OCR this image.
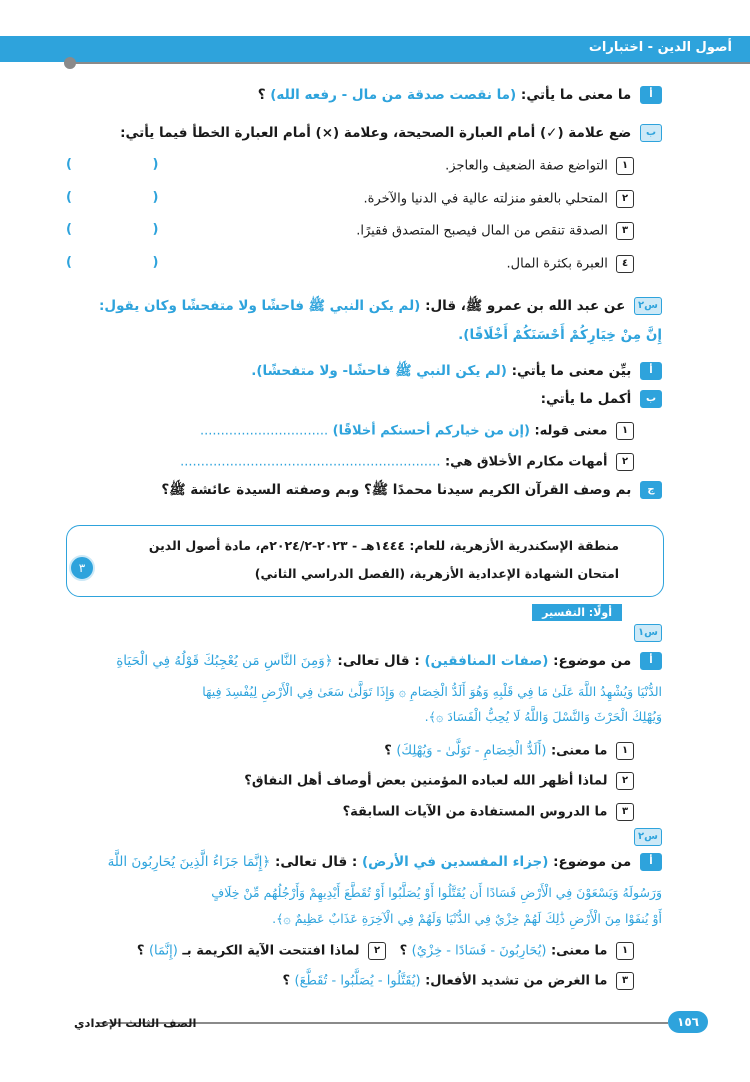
أصول الدين - اختبارات
أ ما معنى ما يأتي: (ما نقصت صدقة من مال - رفعه الله) ؟
ب ضع علامة (✓) أمام العبارة الصحيحة، وعلامة (×) أمام العبارة الخطأ فيما يأتي:
١ التواضع صفة الضعيف والعاجز.
( )
٢ المتحلي بالعفو منزلته عالية في الدنيا والآخرة.
( )
٣ الصدقة تنقص من المال فيصبح المتصدق فقيرًا.
( )
٤ العبرة بكثرة المال.
( )
س٢ عن عبد الله بن عمرو ﷺ، قال: (لم يكن النبي ﷺ فاحشًا ولا متفحشًا وكان يقول:
إِنَّ مِنْ خِيَارِكُمْ أَحْسَنَكُمْ أَخْلَاقًا).
أ بيِّن معنى ما يأتي: (لم يكن النبي ﷺ فاحشًا- ولا متفحشًا).
ب أكمل ما يأتي:
١ معنى قوله: (إن من خياركم أحسنكم أخلاقًا) ...............................
٢ أمهات مكارم الأخلاق هي: ...............................................................
ج بم وصف القرآن الكريم سيدنا محمدًا ﷺ؟ وبم وصفته السيدة عائشة ﷺ؟
منطقة الإسكندرية الأزهرية، للعام: ١٤٤٤هـ - ٢٠٢٣-٢٠٢٤/٢م، مادة أصول الدين
امتحان الشهادة الإعدادية الأزهرية، (الفصل الدراسي الثاني)
٣
أولًا: التفسير
س١
أ من موضوع: (صفات المنافقين) : قال تعالى: ﴿وَمِنَ النَّاسِ مَن يُعْجِبُكَ قَوْلُهُ فِي الْحَيَاةِ
الدُّنْيَا وَيُشْهِدُ اللَّهَ عَلَىٰ مَا فِي قَلْبِهِ وَهُوَ أَلَدُّ الْخِصَامِ ۞ وَإِذَا تَوَلَّىٰ سَعَىٰ فِي الْأَرْضِ لِيُفْسِدَ فِيهَا
وَيُهْلِكَ الْحَرْثَ وَالنَّسْلَ وَاللَّهُ لَا يُحِبُّ الْفَسَادَ ۞﴾.
١ ما معنى: (أَلَدُّ الْخِصَامِ - تَوَلَّىٰ - وَيُهْلِكَ) ؟
٢ لماذا أظهر الله لعباده المؤمنين بعض أوصاف أهل النفاق؟
٣ ما الدروس المستفادة من الآيات السابقة؟
س٢
أ من موضوع: (جزاء المفسدين في الأرض) : قال تعالى: ﴿إِنَّمَا جَزَاءُ الَّذِينَ يُحَارِبُونَ اللَّهَ
وَرَسُولَهُ وَيَسْعَوْنَ فِي الْأَرْضِ فَسَادًا أَن يُقَتَّلُوا أَوْ يُصَلَّبُوا أَوْ تُقَطَّعَ أَيْدِيهِمْ وَأَرْجُلُهُم مِّنْ خِلَافٍ
أَوْ يُنفَوْا مِنَ الْأَرْضِ ذَٰلِكَ لَهُمْ خِزْيٌ فِي الدُّنْيَا وَلَهُمْ فِي الْآخِرَةِ عَذَابٌ عَظِيمٌ ۞﴾.
١ ما معنى: (يُحَارِبُونَ - فَسَادًا - خِزْيٌ) ؟   ٢ لماذا افتتحت الآية الكريمة بـ (إِنَّمَا) ؟
٣ ما الغرض من تشديد الأفعال: (يُقَتَّلُوا - يُصَلَّبُوا - تُقَطَّعَ) ؟
١٥٦
الصف الثالث الإعدادي
